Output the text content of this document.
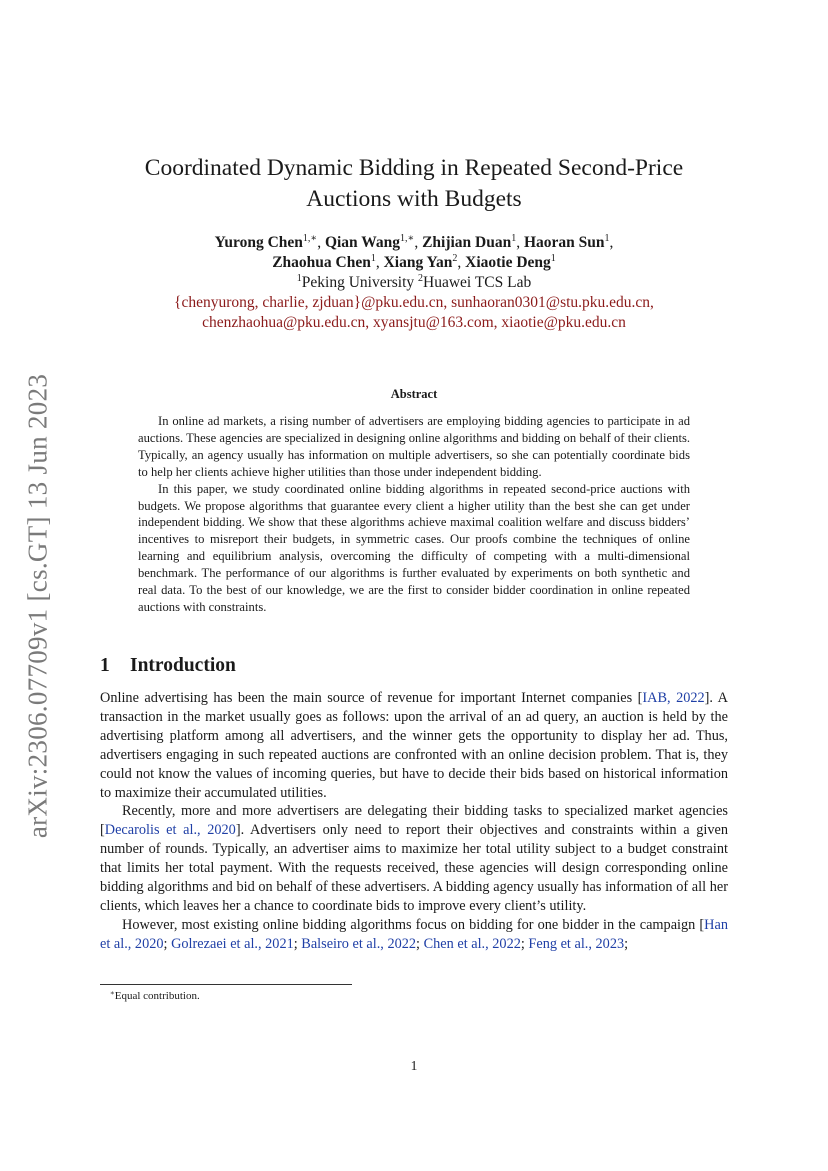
arXiv:2306.07709v1 [cs.GT] 13 Jun 2023
Coordinated Dynamic Bidding in Repeated Second-Price
Auctions with Budgets
Yurong Chen$^{1,∗}$, Qian Wang$^{1,∗}$, Zhijian Duan$^1$, Haoran Sun$^1$,
Zhaohua Chen$^1$, Xiang Yan$^2$, Xiaotie Deng$^1$
$^1$Peking University $^2$Huawei TCS Lab
{chenyurong, charlie, zjduan}@pku.edu.cn, sunhaoran0301@stu.pku.edu.cn,
chenzhaohua@pku.edu.cn, xyansjtu@163.com, xiaotie@pku.edu.cn
Abstract

In online ad markets, a rising number of advertisers are employing bidding agencies to participate in ad auctions. These agencies are specialized in designing online algorithms and bidding on behalf of their clients. Typically, an agency usually has information on multiple advertisers, so she can potentially coordinate bids to help her clients achieve higher utilities than those under independent bidding.

In this paper, we study coordinated online bidding algorithms in repeated second-price auctions with budgets. We propose algorithms that guarantee every client a higher utility than the best she can get under independent bidding. We show that these algorithms achieve maximal coalition welfare and discuss bidders’ incentives to misreport their budgets, in symmetric cases. Our proofs combine the techniques of online learning and equilibrium analysis, overcoming the difficulty of competing with a multi-dimensional benchmark. The performance of our algorithms is further evaluated by experiments on both synthetic and real data. To the best of our knowledge, we are the first to consider bidder coordination in online repeated auctions with constraints.

1 Introduction

Online advertising has been the main source of revenue for important Internet companies [IAB, 2022]. A transaction in the market usually goes as follows: upon the arrival of an ad query, an auction is held by the advertising platform among all advertisers, and the winner gets the opportunity to display her ad. Thus, advertisers engaging in such repeated auctions are confronted with an online decision problem. That is, they could not know the values of incoming queries, but have to decide their bids based on historical information to maximize their accumulated utilities.

Recently, more and more advertisers are delegating their bidding tasks to specialized market agencies [Decarolis et al., 2020]. Advertisers only need to report their objectives and constraints within a given number of rounds. Typically, an advertiser aims to maximize her total utility subject to a budget constraint that limits her total payment. With the requests received, these agencies will design corresponding online bidding algorithms and bid on behalf of these advertisers. A bidding agency usually has information of all her clients, which leaves her a chance to coordinate bids to improve every client’s utility.

However, most existing online bidding algorithms focus on bidding for one bidder in the campaign [Han et al., 2020; Golrezaei et al., 2021; Balseiro et al., 2022; Chen et al., 2022; Feng et al., 2023;

∗Equal contribution.
1
